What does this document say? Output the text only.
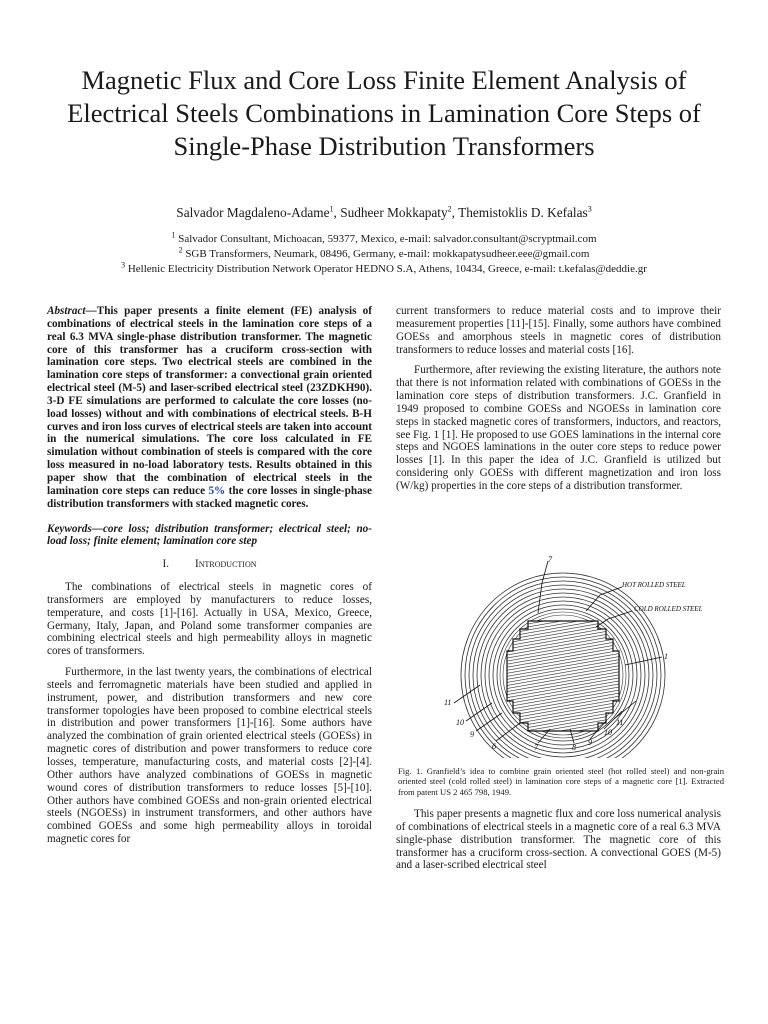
Magnetic Flux and Core Loss Finite Element Analysis of Electrical Steels Combinations in Lamination Core Steps of Single-Phase Distribution Transformers
Salvador Magdaleno-Adame$^1$, Sudheer Mokkapaty$^2$, Themistoklis D. Kefalas$^3$
$^1$ Salvador Consultant, Michoacan, 59377, Mexico, e-mail: salvador.consultant@scryptmail.com
$^2$ SGB Transformers, Neumark, 08496, Germany, e-mail: mokkapatysudheer.eee@gmail.com
$^3$ Hellenic Electricity Distribution Network Operator HEDNO S.A, Athens, 10434, Greece, e-mail: t.kefalas@deddie.gr

Abstract—This paper presents a finite element (FE) analysis of combinations of electrical steels in the lamination core steps of a real 6.3 MVA single-phase distribution transformer. The magnetic core of this transformer has a cruciform cross-section with lamination core steps. Two electrical steels are combined in the lamination core steps of transformer: a convectional grain oriented electrical steel (M-5) and laser-scribed electrical steel (23ZDKH90). 3-D FE simulations are performed to calculate the core losses (no-load losses) without and with combinations of electrical steels. B-H curves and iron loss curves of electrical steels are taken into account in the numerical simulations. The core loss calculated in FE simulation without combination of steels is compared with the core loss measured in no-load laboratory tests. Results obtained in this paper show that the combination of electrical steels in the lamination core steps can reduce 5% the core losses in single-phase distribution transformers with stacked magnetic cores.

Keywords—core loss; distribution transformer; electrical steel; no-load loss; finite element; lamination core step

I. Introduction

The combinations of electrical steels in magnetic cores of transformers are employed by manufacturers to reduce losses, temperature, and costs [1]-[16]. Actually in USA, Mexico, Greece, Germany, Italy, Japan, and Poland some transformer companies are combining electrical steels and high permeability alloys in magnetic cores of transformers.

Furthermore, in the last twenty years, the combinations of electrical steels and ferromagnetic materials have been studied and applied in instrument, power, and distribution transformers and new core transformer topologies have been proposed to combine electrical steels in distribution and power transformers [1]-[16]. Some authors have analyzed the combination of grain oriented electrical steels (GOESs) in magnetic cores of distribution and power transformers to reduce core losses, temperature, manufacturing costs, and material costs [2]-[4]. Other authors have analyzed combinations of GOESs in magnetic wound cores of distribution transformers to reduce losses [5]-[10]. Other authors have combined GOESs and non-grain oriented electrical steels (NGOESs) in instrument transformers, and other authors have combined GOESs and some high permeability alloys in toroidal magnetic cores for

current transformers to reduce material costs and to improve their measurement properties [11]-[15]. Finally, some authors have combined GOESs and amorphous steels in magnetic cores of distribution transformers to reduce losses and material costs [16].

Furthermore, after reviewing the existing literature, the authors note that there is not information related with combinations of GOESs in the lamination core steps of distribution transformers. J.C. Granfield in 1949 proposed to combine GOESs and NGOESs in lamination core steps in stacked magnetic cores of transformers, inductors, and reactors, see Fig. 1 [1]. He proposed to use GOES laminations in the internal core steps and NGOES laminations in the outer core steps to reduce power losses [1]. In this paper the idea of J.C. Granfield is utilized but considering only GOESs with different magnetization and iron loss (W/kg) properties in the core steps of a distribution transformer.

7
HOT ROLLED STEEL
COLD ROLLED STEEL
1
11
10
9
6	7	8
9
10
11
Fig. 1. Granfield’s idea to combine grain oriented steel (hot rolled steel) and non-grain oriented steel (cold rolled steel) in lamination core steps of a magnetic core [1]. Extracted from patent US 2 465 798, 1949.

This paper presents a magnetic flux and core loss numerical analysis of combinations of electrical steels in a magnetic core of a real 6.3 MVA single-phase distribution transformer. The magnetic core of this transformer has a cruciform cross-section. A convectional GOES (M-5) and a laser-scribed electrical steel
